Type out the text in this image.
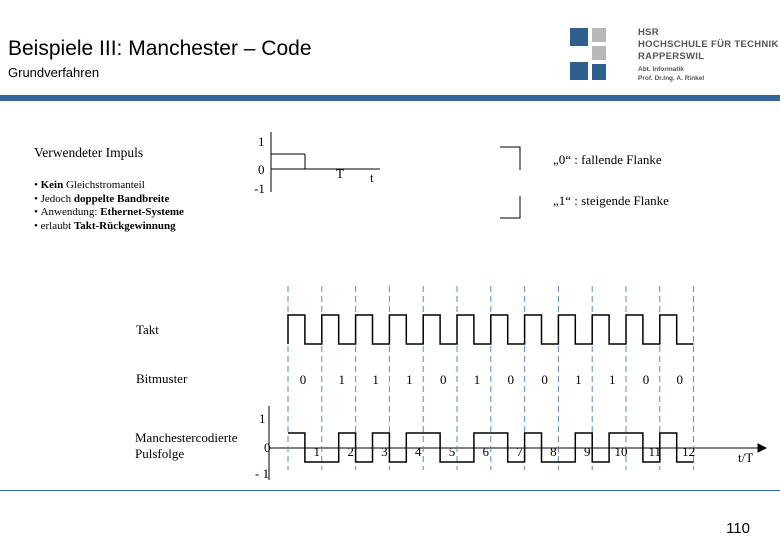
Beispiele III: Manchester – Code
Grundverfahren
HSR
HOCHSCHULE FÜR TECHNIK
RAPPERSWIL
Abt. Informatik
Prof. Dr.Ing. A. Rinkel
Verwendeter Impuls
• Kein Gleichstromanteil
• Jedoch doppelte Bandbreite
• Anwendung: Ethernet-Systeme
• erlaubt Takt-Rückgewinnung
1
0
-1
T t
„0“ : fallende Flanke
„1“ : steigende Flanke
Takt
Bitmuster
Manchestercodierte
Pulsfolge
1
0
- 1
t/T
0 1 1 1 0 1 0 0 1 1 0 0
1 2 3 4 5 6 7 8 9 10 11 12
110
